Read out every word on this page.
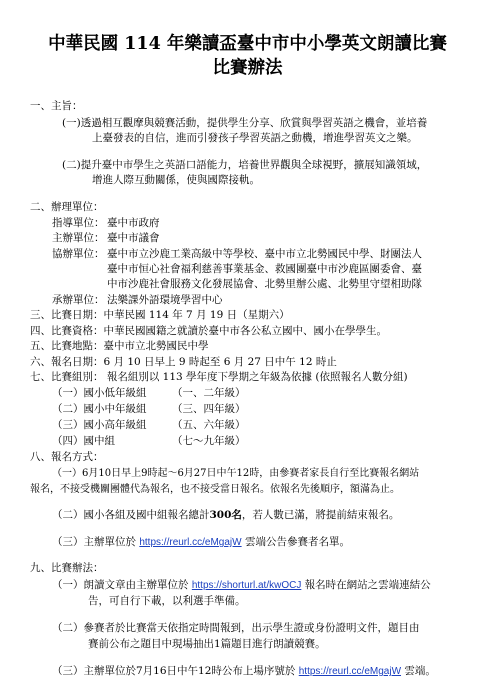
中華民國 114 年樂讀盃臺中市中小學英文朗讀比賽
比賽辦法
一、主旨：
(一)透過相互觀摩與競賽活動，提供學生分享、欣賞與學習英語之機會，並培養
上臺發表的自信，進而引發孩子學習英語之動機，增進學習英文之樂。
(二)提升臺中市學生之英語口語能力，培養世界觀與全球視野，擴展知識領域，
增進人際互動關係，使與國際接軌。
二、辦理單位：
指導單位： 臺中市政府
主辦單位： 臺中市議會
協辦單位： 臺中市立沙鹿工業高級中等學校、臺中市立北勢國民中學、財團法人
臺中市恒心社會福利慈善事業基金、救國團臺中市沙鹿區團委會、臺
中市沙鹿社會服務文化發展協會、北勢里辦公處、北勢里守望相助隊
承辦單位： 法樂課外語環境學習中心
三、比賽日期：中華民國 114 年 7 月 19 日（星期六）
四、比賽資格：中華民國國籍之就讀於臺中市各公私立國中、國小在學學生。
五、比賽地點：臺中市立北勢國民中學
六、報名日期：6 月 10 日早上 9 時起至 6 月 27 日中午 12 時止
七、比賽組別： 報名組別以 113 學年度下學期之年級為依據 (依照報名人數分組)
（一）國小低年級組 （一、二年級）
（二）國小中年級組 （三、四年級）
（三）國小高年級組 （五、六年級）
（四）國中組	（七～九年級）
八、報名方式：
（一）6月10日早上9時起～6月27日中午12時，由參賽者家長自行至比賽報名網站
報名，不接受機關團體代為報名，也不接受當日報名。依報名先後順序，額滿為止。
（二）國小各組及國中組報名總計300名，若人數已滿，將提前結束報名。
（三）主辦單位於 https://reurl.cc/eMgajW 雲端公告參賽者名單。
九、比賽辦法：
（一）朗讀文章由主辦單位於 https://shorturl.at/kwOCJ 報名時在網站之雲端連結公
告，可自行下載，以利選手準備。
（二）參賽者於比賽當天依指定時間報到，出示學生證或身份證明文件，題目由
賽前公布之題目中現場抽出1篇題目進行朗讀競賽。
（三）主辦單位於7月16日中午12時公布上場序號於 https://reurl.cc/eMgajW 雲端。
